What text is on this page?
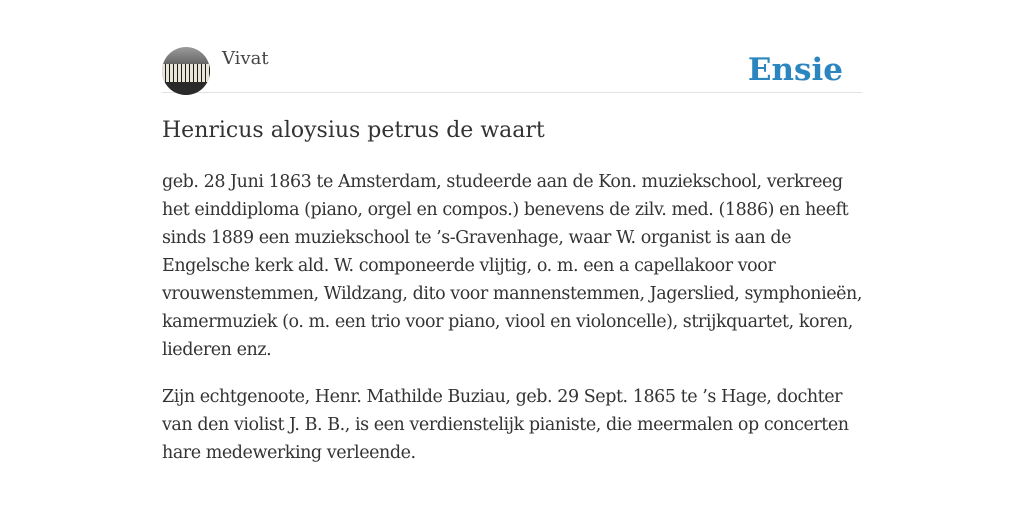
Vivat	Ensie
Henricus aloysius petrus de waart

geb. 28 Juni 1863 te Amsterdam, studeerde aan de Kon. muziekschool, verkreeg het einddiploma (piano, orgel en compos.) benevens de zilv. med. (1886) en heeft sinds 1889 een muziekschool te ’s-Gravenhage, waar W. organist is aan de Engelsche kerk ald. W. componeerde vlijtig, o. m. een a capellakoor voor vrouwenstemmen, Wildzang, dito voor mannenstemmen, Jagerslied, symphonieën, kamermuziek (o. m. een trio voor piano, viool en violoncelle), strijkquartet, koren, liederen enz.

Zijn echtgenoote, Henr. Mathilde Buziau, geb. 29 Sept. 1865 te ’s Hage, dochter van den violist J. B. B., is een verdienstelijk pianiste, die meermalen op concerten hare medewerking verleende.
